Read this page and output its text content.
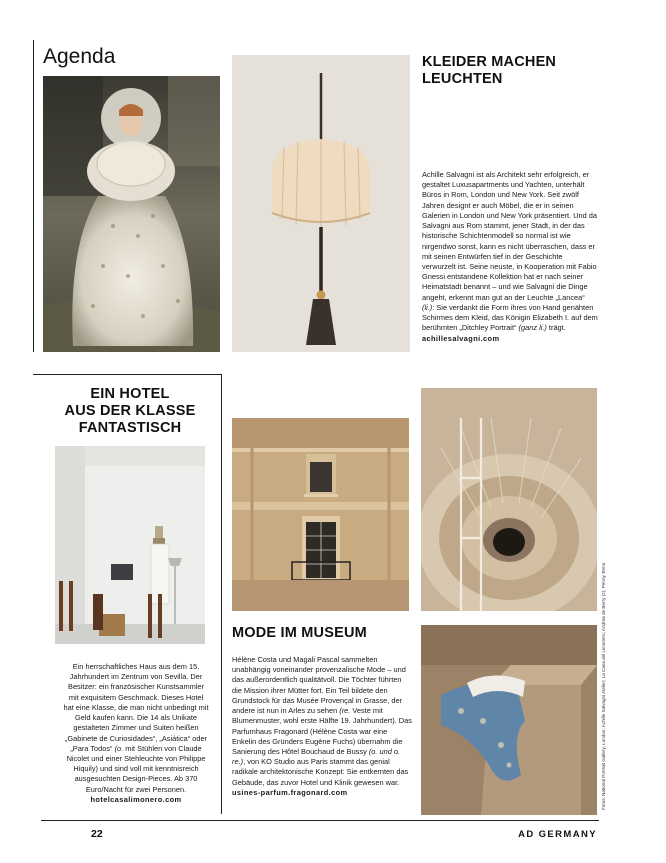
Agenda	KLEIDER MACHEN
LEUCHTEN
Achille Salvagni ist als Architekt sehr erfolgreich, er gestaltet Luxusapartments und Yachten, unterhält Büros in Rom, London und New York. Seit zwölf Jahren designt er auch Möbel, die er in seinen Galerien in London und New York präsentiert. Und da Salvagni aus Rom stammt, jener Stadt, in der das historische Schichtenmodell so normal ist wie nirgendwo sonst, kann es nicht überraschen, dass er mit seinen Entwürfen tief in der Geschichte verwurzelt ist. Seine neuste, in Kooperation mit Fabio Gnessi entstandene Kollektion hat er nach seiner Heimatstadt benannt – und wie Salvagni die Dinge angeht, erkennt man gut an der Leuchte „Lancea“ (li.): Sie verdankt die Form ihres von Hand genähten Schirmes dem Kleid, das Königin Elizabeth I. auf dem berühmten „Ditchley Portrait“ (ganz li.) trägt. achillesalvagni.com
EIN HOTEL
AUS DER KLASSE
FANTASTISCH
Ein herrschaftliches Haus aus dem 15. Jahrhundert im Zentrum von Sevilla. Der Besitzer: ein französischer Kunstsammler mit exquisitem Geschmack. Dieses Hotel hat eine Klasse, die man nicht unbedingt mit Geld kaufen kann. Die 14 als Unikate gestalteten Zimmer und Suiten heißen „Gabinete de Curiosidades“, „Asiática“ oder „Para Todos“ (o. mit Stühlen von Claude Nicolet und einer Stehleuchte von Philippe Hiquily) und sind voll mit kenntnisreich ausgesuchten Design-Pieces. Ab 370 Euro/Nacht für zwei Personen. hotelcasalimonero.com
MODE IM MUSEUM
Hélène Costa und Magali Pascal sammelten unabhängig voneinander provenzalische Mode – und das außerordentlich qualitätvoll. Die Töchter führten die Mission ihrer Mütter fort. Ein Teil bildete den Grundstock für das Musée Provençal in Grasse, der andere ist nun in Arles zu sehen (re. Veste mit Blumenmuster, wohl erste Hälfte 19. Jahrhundert). Das Parfumhaus Fragonard (Hélène Costa war eine Enkelin des Gründers Eugène Fuchs) übernahm die Sanierung des Hôtel Bouchaud de Bussy (o. und o. re.), von KO Studio aus Paris stammt das genial radikale architektonische Konzept: Sie entkernten das Gebäude, das zuvor Hotel und Klinik gewesen war. usines-parfum.fragonard.com	Fotos: National Portrait Gallery, London; Achille Salvagni Atelier; La Casa del Limonero; Andrea de Berry (2); Penny Temo
22	AD GERMANY
